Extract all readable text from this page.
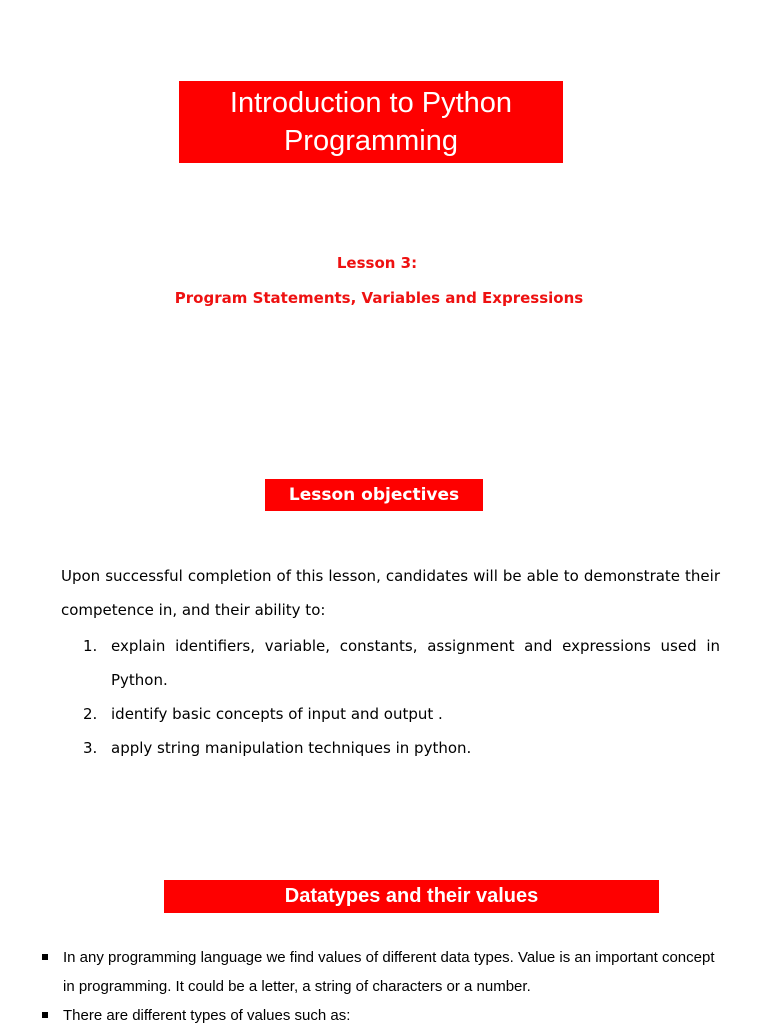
Introduction to Python
Programming
Lesson 3:
Program Statements, Variables and Expressions
Lesson objectives
Upon successful completion of this lesson, candidates will be able to demonstrate their competence in, and their ability to:
1. explain identifiers, variable, constants, assignment and expressions used in Python.
2. identify basic concepts of input and output .
3. apply string manipulation techniques in python.
Datatypes and their values
In any programming language we find values of different data types. Value is an important concept in programming. It could be a letter, a string of characters or a number.
There are different types of values such as:
